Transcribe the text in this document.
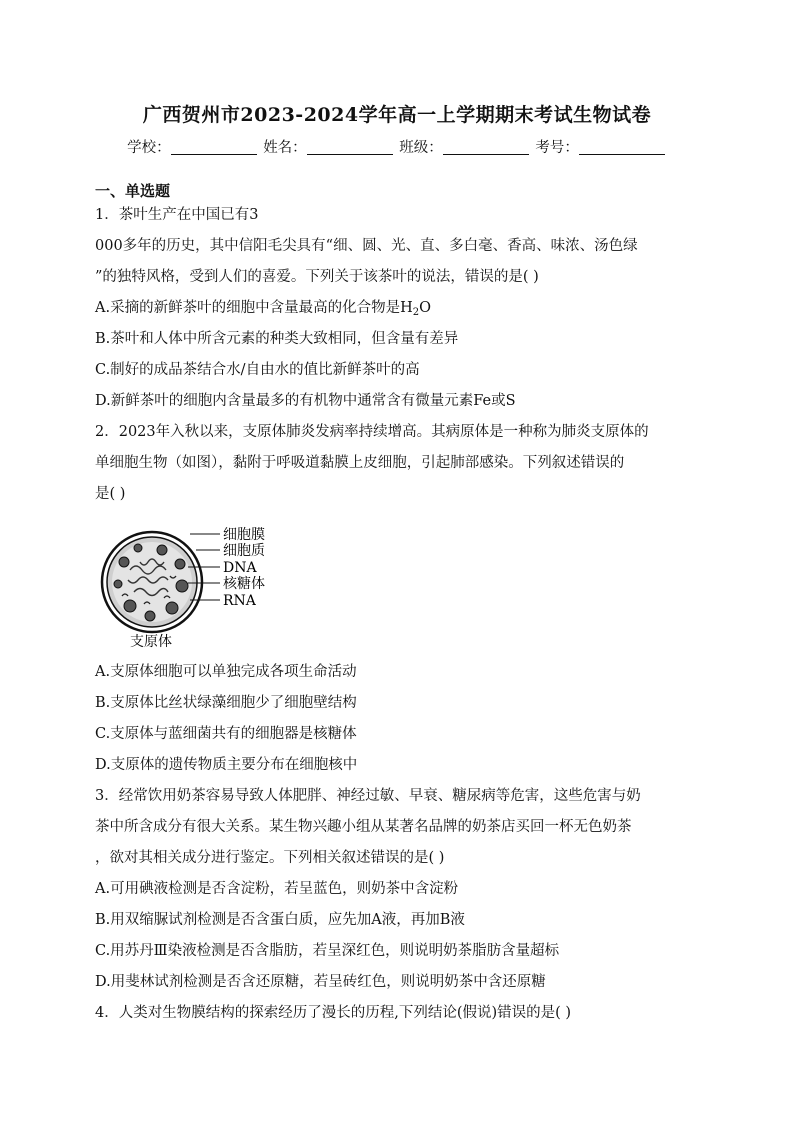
广西贺州市2023-2024学年高一上学期期末考试生物试卷
学校：	姓名：	班级：	考号：
一、单选题
1．茶叶生产在中国已有3
000多年的历史，其中信阳毛尖具有“细、圆、光、直、多白毫、香高、味浓、汤色绿
”的独特风格，受到人们的喜爱。下列关于该茶叶的说法，错误的是( )
A.采摘的新鲜茶叶的细胞中含量最高的化合物是$H_2O$
B.茶叶和人体中所含元素的种类大致相同，但含量有差异
C.制好的成品茶结合水/自由水的值比新鲜茶叶的高
D.新鲜茶叶的细胞内含量最多的有机物中通常含有微量元素Fe或S
2．2023年入秋以来，支原体肺炎发病率持续增高。其病原体是一种称为肺炎支原体的
单细胞生物（如图），黏附于呼吸道黏膜上皮细胞，引起肺部感染。下列叙述错误的
是( )
细胞膜
细胞质
DNA
核糖体
RNA
支原体
A.支原体细胞可以单独完成各项生命活动
B.支原体比丝状绿藻细胞少了细胞壁结构
C.支原体与蓝细菌共有的细胞器是核糖体
D.支原体的遗传物质主要分布在细胞核中
3．经常饮用奶茶容易导致人体肥胖、神经过敏、早衰、糖尿病等危害，这些危害与奶
茶中所含成分有很大关系。某生物兴趣小组从某著名品牌的奶茶店买回一杯无色奶茶
，欲对其相关成分进行鉴定。下列相关叙述错误的是( )
A.可用碘液检测是否含淀粉，若呈蓝色，则奶茶中含淀粉
B.用双缩脲试剂检测是否含蛋白质，应先加A液，再加B液
C.用苏丹Ⅲ染液检测是否含脂肪，若呈深红色，则说明奶茶脂肪含量超标
D.用斐林试剂检测是否含还原糖，若呈砖红色，则说明奶茶中含还原糖
4．人类对生物膜结构的探索经历了漫长的历程,下列结论(假说)错误的是( )
